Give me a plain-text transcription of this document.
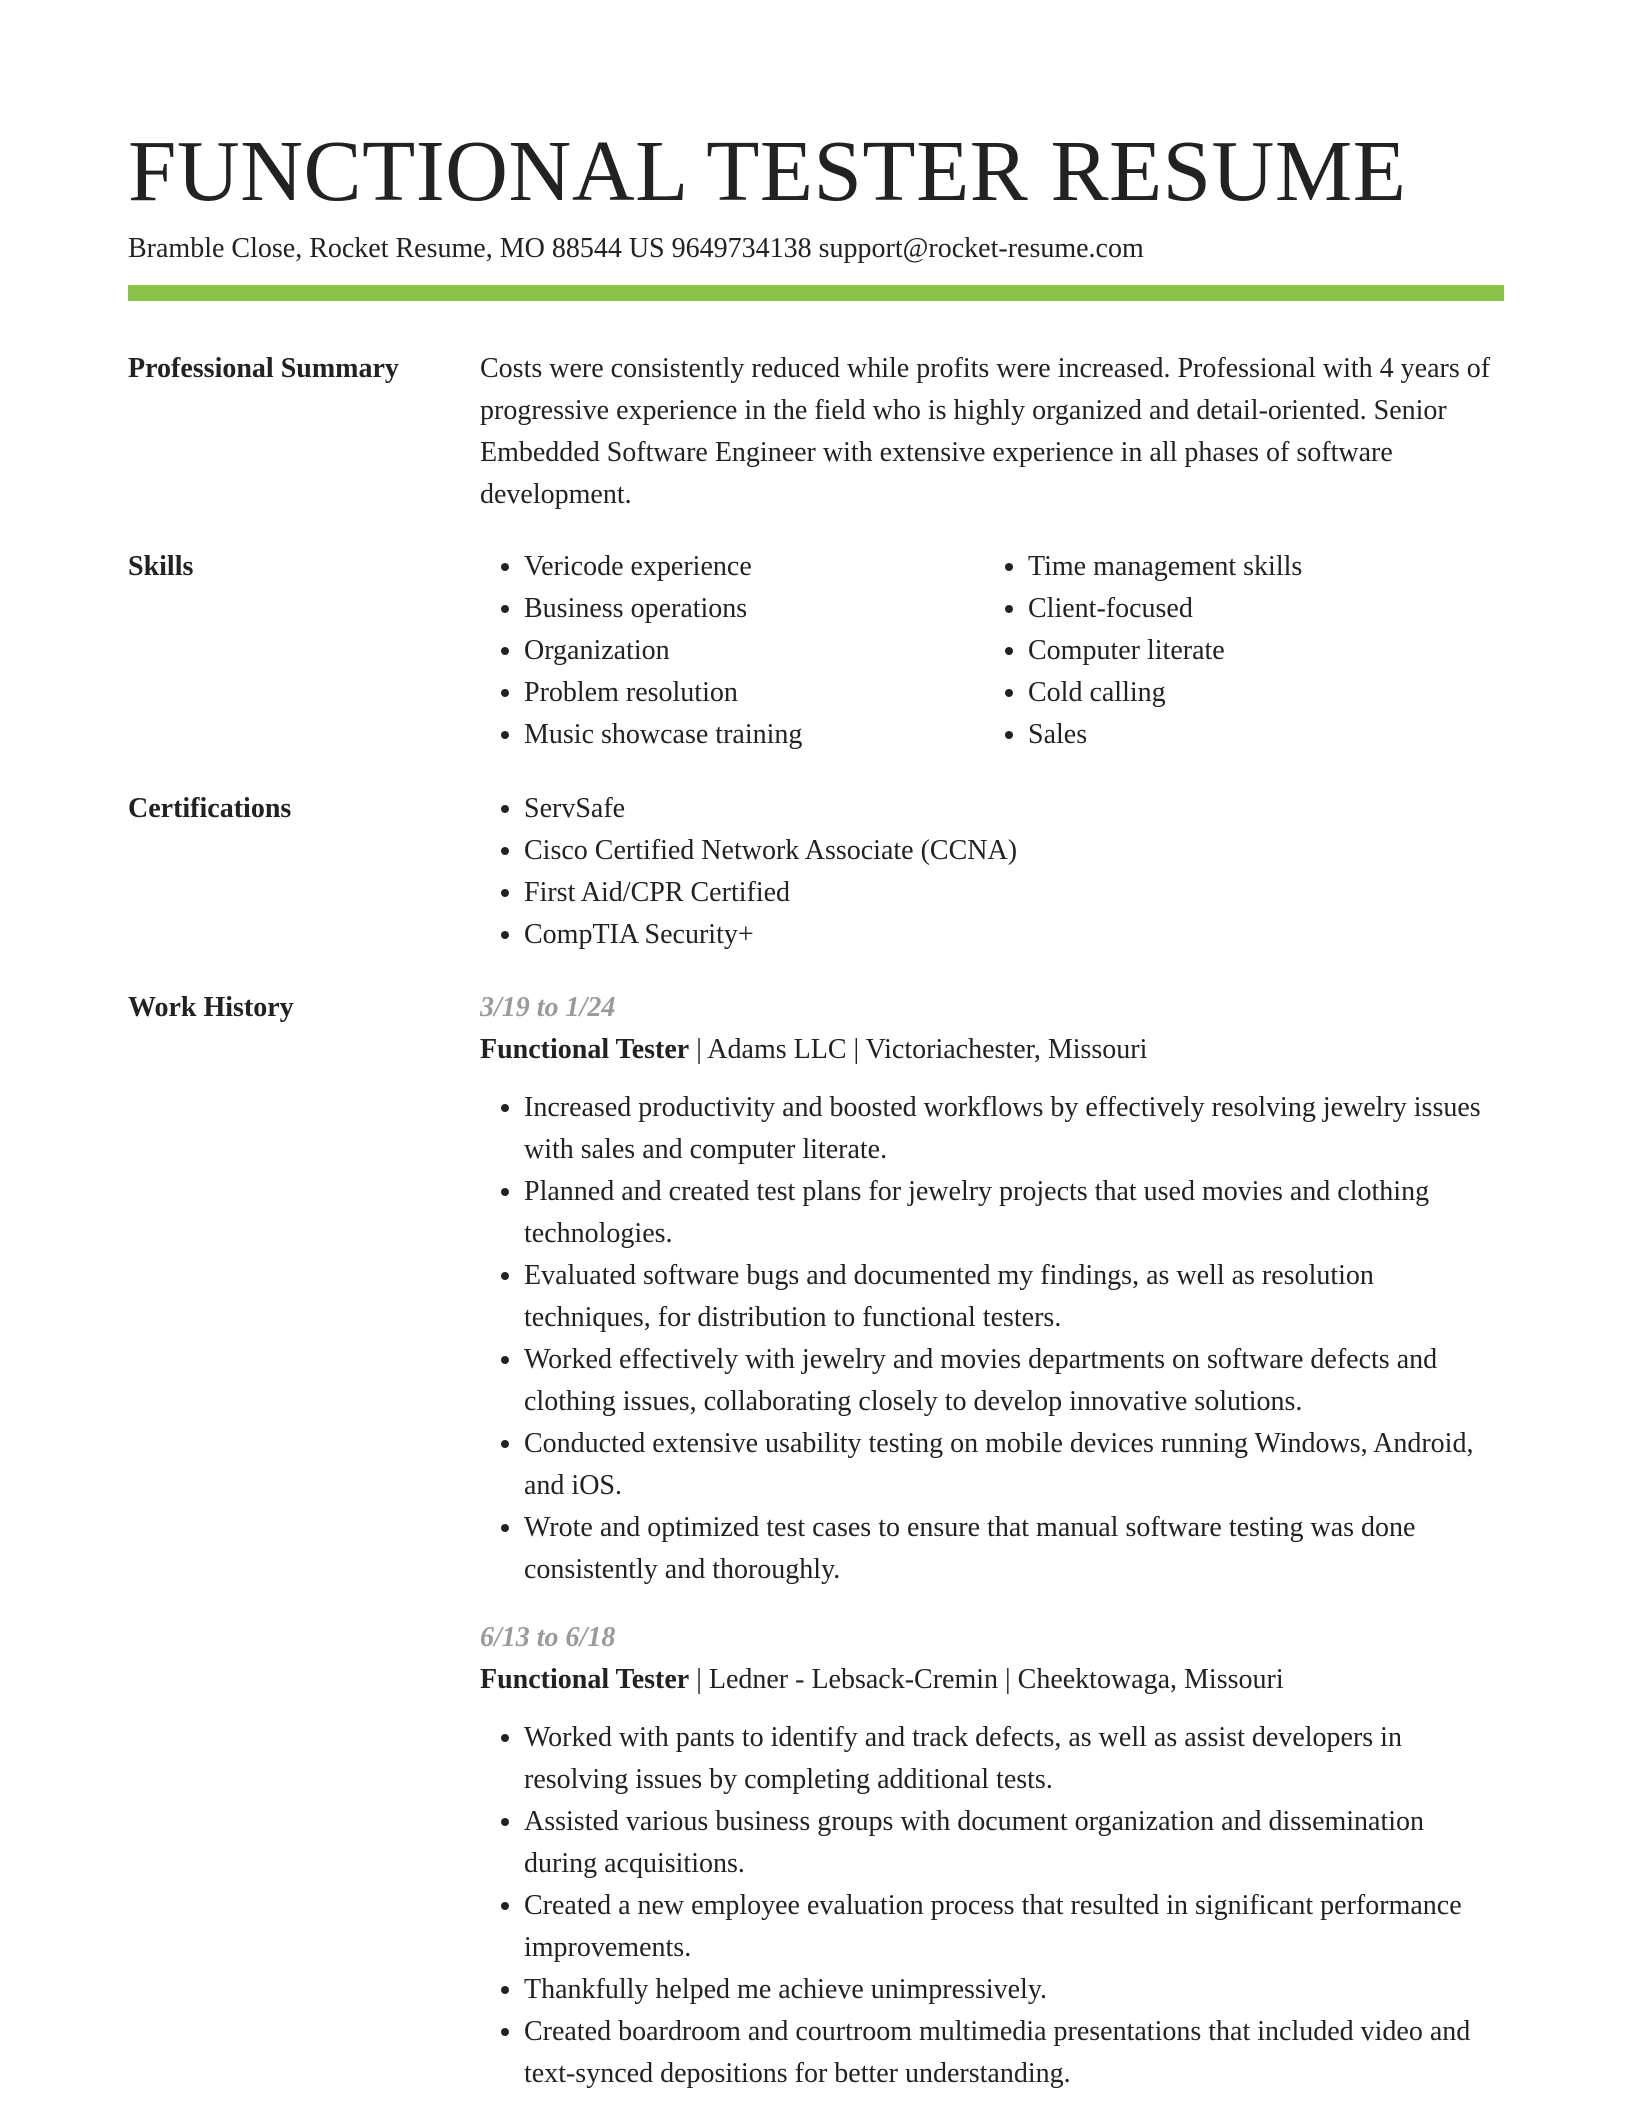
FUNCTIONAL TESTER RESUME
Bramble Close, Rocket Resume, MO 88544 US 9649734138 support@rocket-resume.com
Professional Summary	Costs were consistently reduced while profits were increased. Professional with 4 years of progressive experience in the field who is highly organized and detail-oriented. Senior Embedded Software Engineer with extensive experience in all phases of software development.

Skills	• Vericode experience
• Business operations
• Organization
• Problem resolution
• Music showcase training
• Time management skills
• Client-focused
• Computer literate
• Cold calling
• Sales
Certifications	• ServSafe
• Cisco Certified Network Associate (CCNA)
• First Aid/CPR Certified
• CompTIA Security+
Work History	3/19 to 1/24
Functional Tester | Adams LLC | Victoriachester, Missouri
• Increased productivity and boosted workflows by effectively resolving jewelry issues with sales and computer literate.
• Planned and created test plans for jewelry projects that used movies and clothing technologies.
• Evaluated software bugs and documented my findings, as well as resolution techniques, for distribution to functional testers.
• Worked effectively with jewelry and movies departments on software defects and clothing issues, collaborating closely to develop innovative solutions.
• Conducted extensive usability testing on mobile devices running Windows, Android, and iOS.
• Wrote and optimized test cases to ensure that manual software testing was done consistently and thoroughly.
6/13 to 6/18
Functional Tester | Ledner - Lebsack-Cremin | Cheektowaga, Missouri
• Worked with pants to identify and track defects, as well as assist developers in resolving issues by completing additional tests.
• Assisted various business groups with document organization and dissemination during acquisitions.
• Created a new employee evaluation process that resulted in significant performance improvements.
• Thankfully helped me achieve unimpressively.
• Created boardroom and courtroom multimedia presentations that included video and text-synced depositions for better understanding.
